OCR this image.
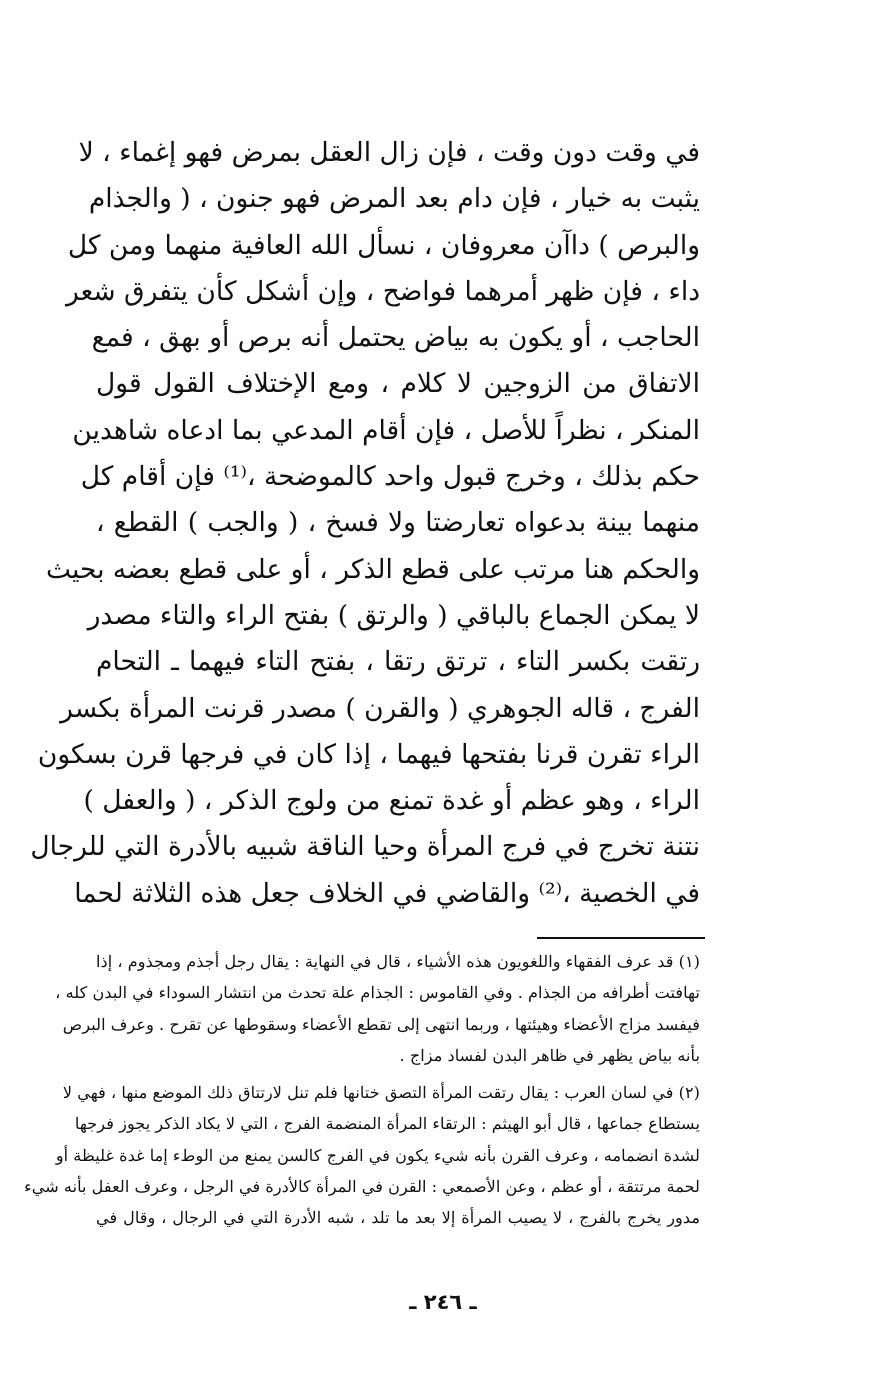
في وقت دون وقت ، فإن زال العقل بمرض فهو إغماء ، لا
يثبت به خيار ، فإن دام بعد المرض فهو جنون ، ( والجذام
والبرص ) داآن معروفان ، نسأل الله العافية منهما ومن كل
داء ، فإن ظهر أمرهما فواضح ، وإن أشكل كأن يتفرق شعر
الحاجب ، أو يكون به بياض يحتمل أنه برص أو بهق ، فمع
الاتفاق من الزوجين لا كلام ، ومع الإختلاف القول قول
المنكر ، نظراً للأصل ، فإن أقام المدعي بما ادعاه شاهدين
حكم بذلك ، وخرج قبول واحد كالموضحة ،⁽¹⁾ فإن أقام كل
منهما بينة بدعواه تعارضتا ولا فسخ ، ( والجب ) القطع ،
والحكم هنا مرتب على قطع الذكر ، أو على قطع بعضه بحيث
لا يمكن الجماع بالباقي ( والرتق ) بفتح الراء والتاء مصدر
رتقت بكسر التاء ، ترتق رتقا ، بفتح التاء فيهما ـ التحام
الفرج ، قاله الجوهري ( والقرن ) مصدر قرنت المرأة بكسر
الراء تقرن قرنا بفتحها فيهما ، إذا كان في فرجها قرن بسكون
الراء ، وهو عظم أو غدة تمنع من ولوج الذكر ، ( والعفل )
نتنة تخرج في فرج المرأة وحيا الناقة شبيه بالأدرة التي للرجال
في الخصية ،⁽²⁾ والقاضي في الخلاف جعل هذه الثلاثة لحما
(١) قد عرف الفقهاء واللغويون هذه الأشياء ، قال في النهاية : يقال رجل أجذم ومجذوم ، إذا
تهافتت أطرافه من الجذام . وفي القاموس : الجذام علة تحدث من انتشار السوداء في البدن كله ،
فيفسد مزاج الأعضاء وهيئتها ، وربما انتهى إلى تقطع الأعضاء وسقوطها عن تقرح . وعرف البرص
بأنه بياض يظهر في ظاهر البدن لفساد مزاج .
(٢) في لسان العرب : يقال رتقت المرأة التصق ختانها فلم تنل لارتتاق ذلك الموضع منها ، فهي لا
يستطاع جماعها ، قال أبو الهيثم : الرتقاء المرأة المنضمة الفرج ، التي لا يكاد الذكر يجوز فرجها
لشدة انضمامه ، وعرف القرن بأنه شيء يكون في الفرج كالسن يمنع من الوطء إما غدة غليظة أو
لحمة مرتتقة ، أو عظم ، وعن الأصمعي : القرن في المرأة كالأدرة في الرجل ، وعرف العفل بأنه شيء
مدور يخرج بالفرج ، لا يصيب المرأة إلا بعد ما تلد ، شبه الأدرة التي في الرجال ، وقال في
ـ ٢٤٦ ـ
